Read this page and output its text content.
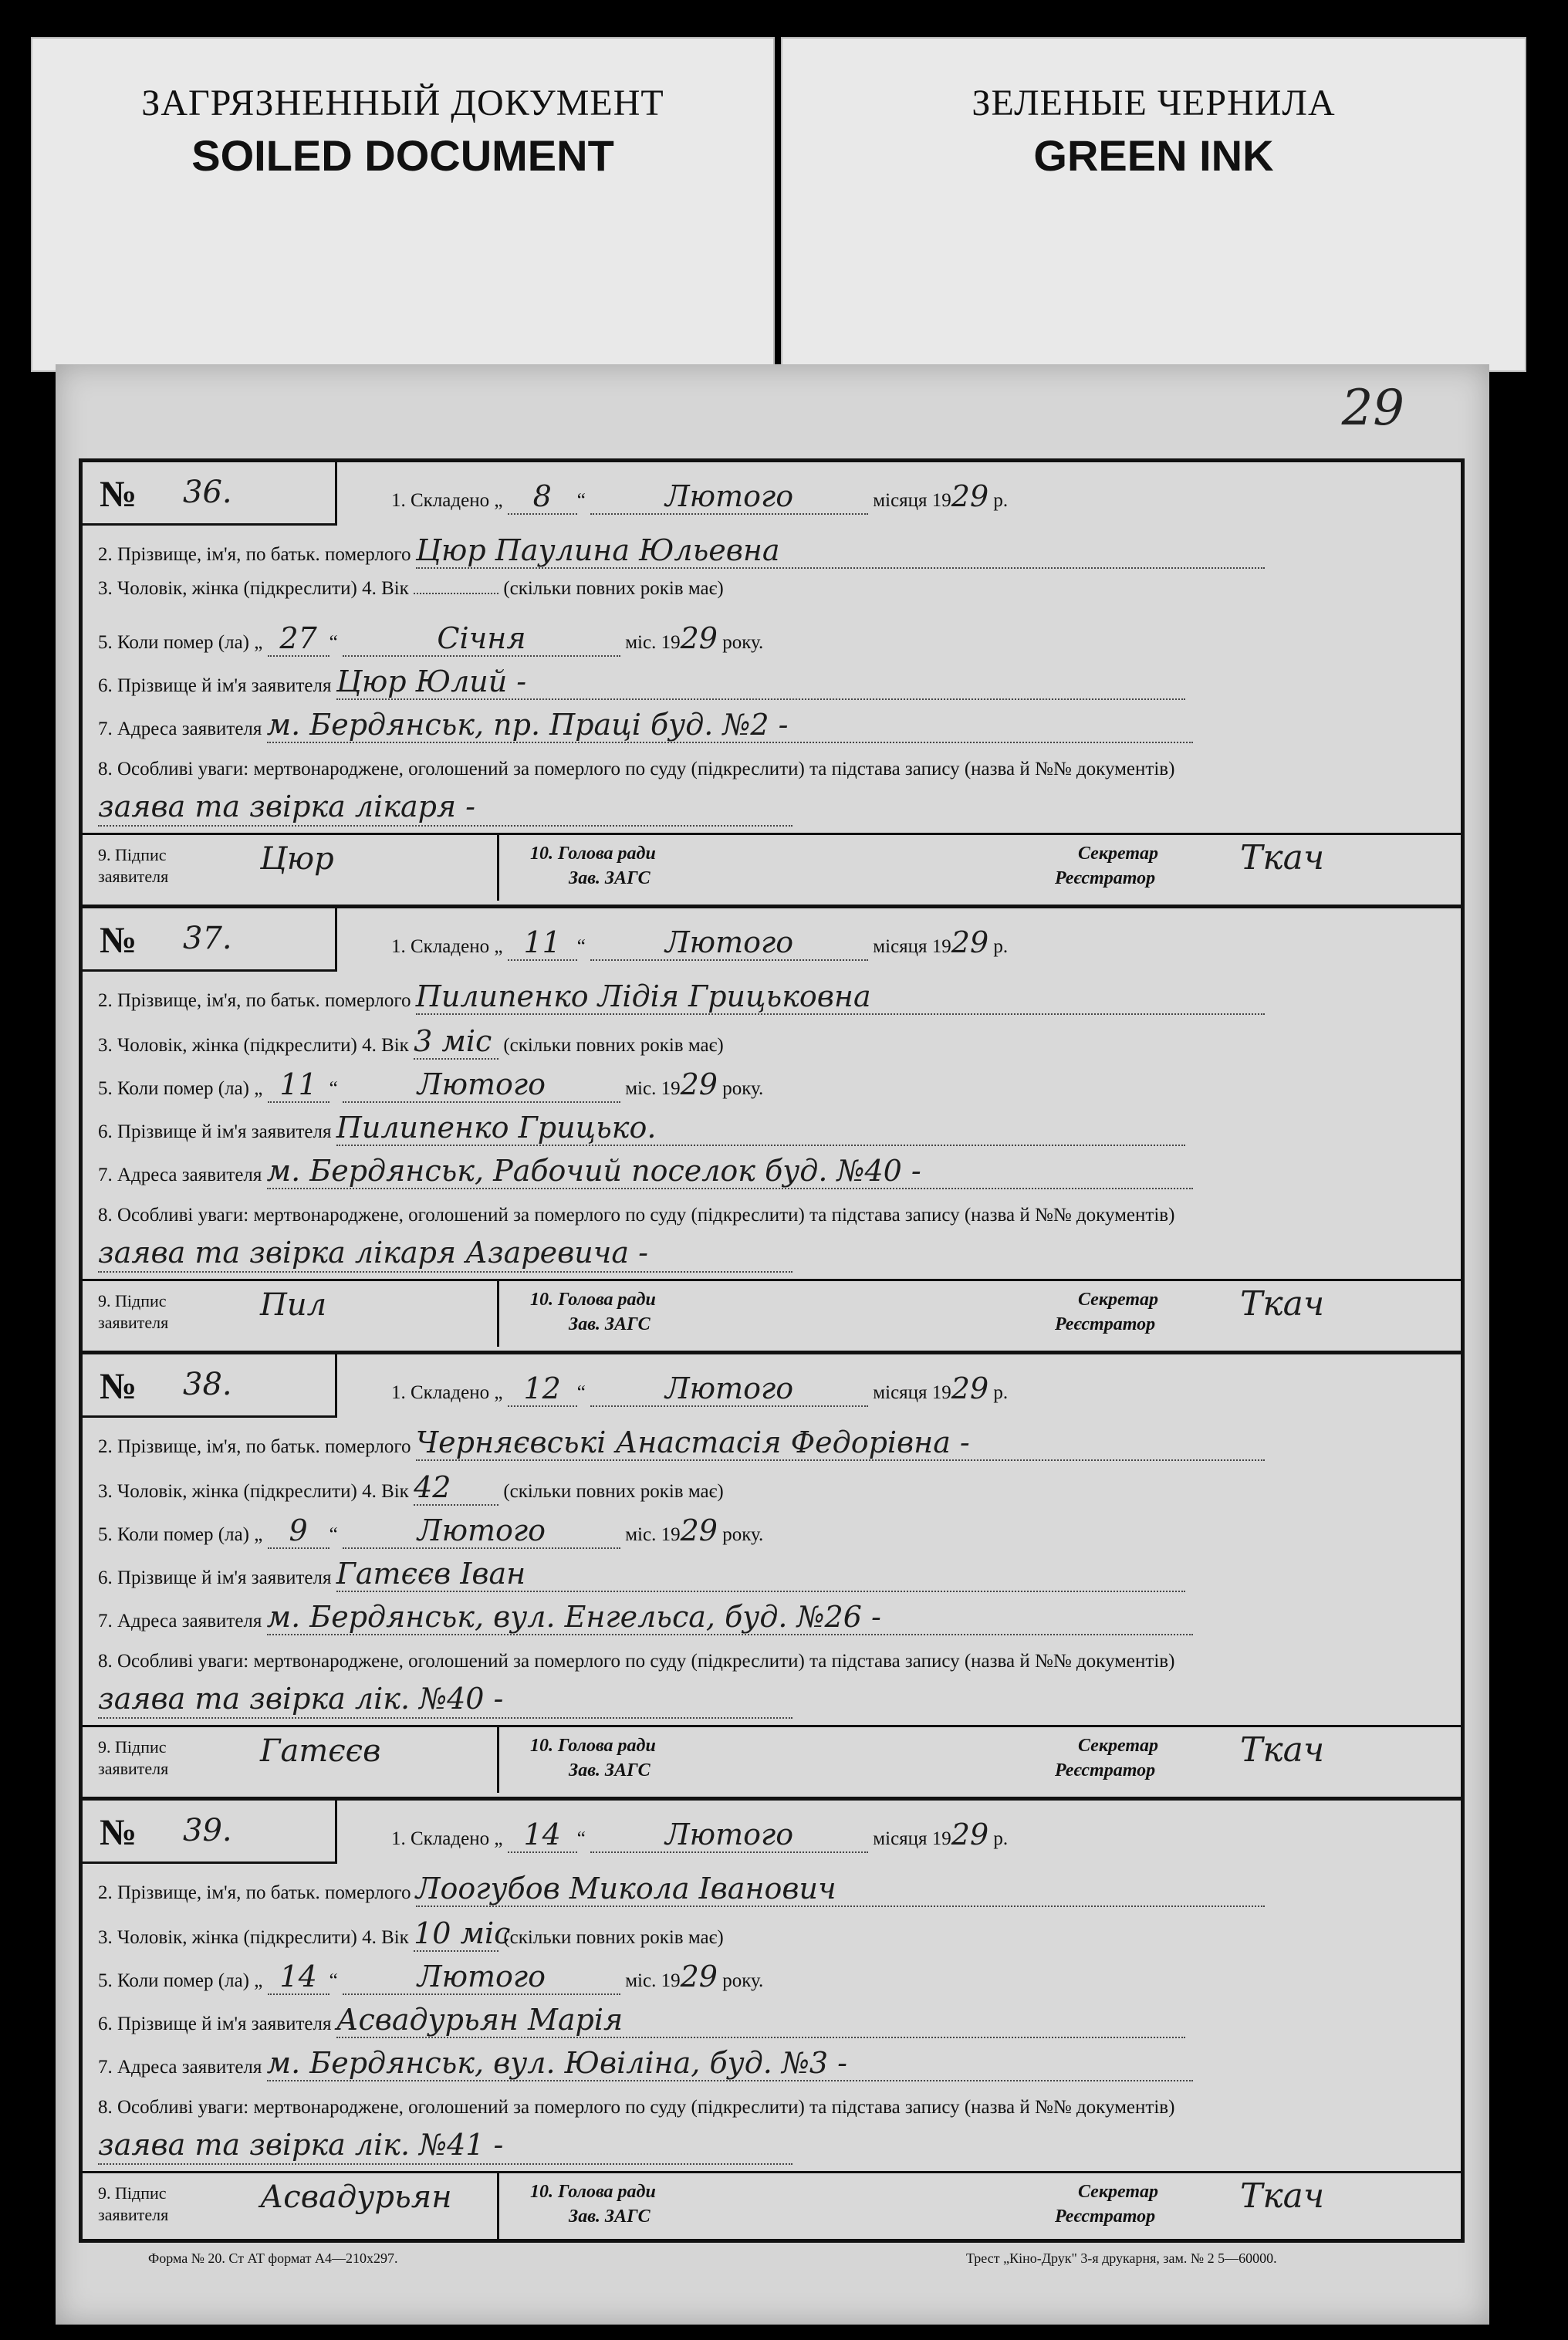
ЗАГРЯЗНЕННЫЙ ДОКУМЕНТ
SOILED DOCUMENT
ЗЕЛЕНЫЕ ЧЕРНИЛА
GREEN INK
29
№ 36.	1. Складено „ 8 “	Лютого	місяця 1929 р.
2. Прізвище, ім'я, по батьк. померлого Цюр Паулина Юльевна
3. Чоловік, жінка (підкреслити) 4. Вік	(скільки повних років має)
5. Коли помер (ла) „ 27 “	Січня	міс. 1929 року.
6. Прізвище й ім'я заявителя Цюр Юлий -
7. Адреса заявителя м. Бердянськ, пр. Праці буд. №2 -
8. Особливі уваги: мертвонароджене, оголошений за померлого по суду (підкреслити) та підстава запису (назва й №№ документів) заява та звірка лікаря -
9. Підпис заявителя	Цюр	10. Голова ради
Зав. ЗАГС
Секретар
Реєстратор
Ткач
№ 37.	1. Складено „ 11 “	Лютого	місяця 1929 р.
2. Прізвище, ім'я, по батьк. померлого Пилипенко Лідія Грицьковна
3. Чоловік, жінка (підкреслити) 4. Вік 3 міс (скільки повних років має)
5. Коли помер (ла) „ 11 “	Лютого	міс. 1929 року.
6. Прізвище й ім'я заявителя Пилипенко Грицько.
7. Адреса заявителя м. Бердянськ, Рабочий поселок буд. №40 -
8. Особливі уваги: мертвонароджене, оголошений за померлого по суду (підкреслити) та підстава запису (назва й №№ документів) заява та звірка лікаря Азаревича -
9. Підпис заявителя	Пил	10. Голова ради
Зав. ЗАГС
Секретар
Реєстратор
Ткач
№ 38.	1. Складено „ 12 “	Лютого	місяця 1929 р.
2. Прізвище, ім'я, по батьк. померлого Черняєвські Анастасія Федорівна -
3. Чоловік, жінка (підкреслити) 4. Вік 42	(скільки повних років має)
5. Коли помер (ла) „ 9 “	Лютого	міс. 1929 року.
6. Прізвище й ім'я заявителя Гатєєв Іван
7. Адреса заявителя м. Бердянськ, вул. Енгельса, буд. №26 -
8. Особливі уваги: мертвонароджене, оголошений за померлого по суду (підкреслити) та підстава запису (назва й №№ документів) заява та звірка лік. №40 -
9. Підпис заявителя	Гатєєв	10. Голова ради
Зав. ЗАГС
Секретар
Реєстратор
Ткач
№ 39.	1. Складено „ 14 “	Лютого	місяця 1929 р.
2. Прізвище, ім'я, по батьк. померлого Лоогубов Микола Іванович
3. Чоловік, жінка (підкреслити) 4. Вік 10 міс (скільки повних років має)
5. Коли помер (ла) „ 14 “	Лютого	міс. 1929 року.
6. Прізвище й ім'я заявителя Асвадурьян Марія
7. Адреса заявителя м. Бердянськ, вул. Ювіліна, буд. №3 -
8. Особливі уваги: мертвонароджене, оголошений за померлого по суду (підкреслити) та підстава запису (назва й №№ документів) заява та звірка лік. №41 -
9. Підпис заявителя	Асвадурьян	10. Голова ради
Зав. ЗАГС
Секретар
Реєстратор
Ткач
Форма № 20. Ст АТ формат А4—210х297.	Трест „Кіно-Друк" 3-я друкарня, зам. № 2 5—60000.
